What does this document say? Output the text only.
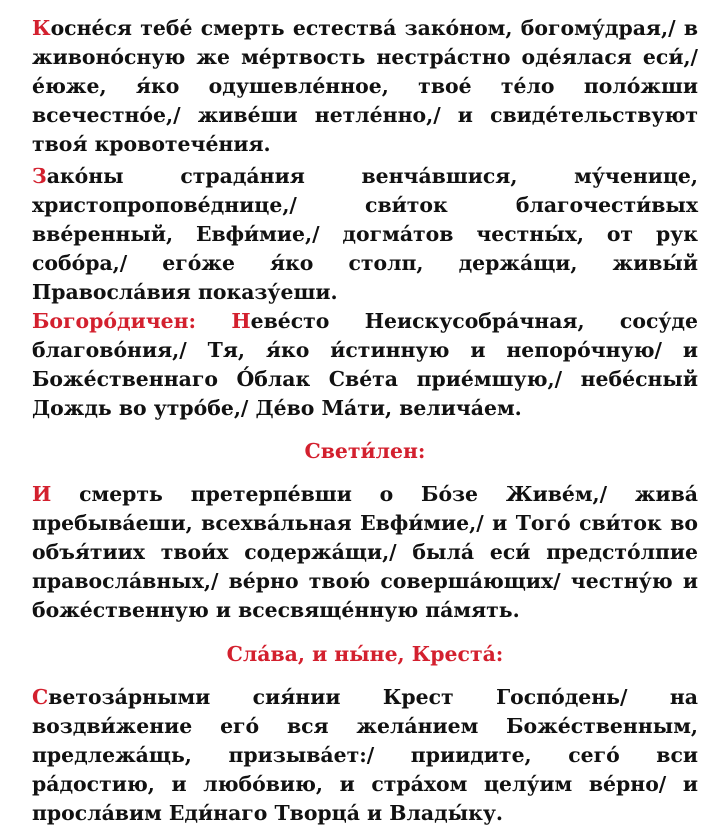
Косне́ся тебе́ смерть естества́ зако́ном, богому́драя,/ в живоно́сную же ме́ртвость нестра́стно оде́ялася еси́,/ е́юже, я́ко одушевле́нное, твое́ те́ло поло́жши всечестно́е,/ живе́ши нетле́нно,/ и свиде́тельствуют твоя́ кровотече́ния.

Зако́ны страда́ния венча́вшися, му́ченице, христопропове́днице,/ сви́ток благочести́вых вве́ренный, Евфи́мие,/ догма́тов честны́х, от рук собо́ра,/ его́же я́ко столп, держа́щи, живы́й Правосла́вия показу́еши.

Богоро́дичен: Неве́сто Неискусобра́чная, сосу́де благово́ния,/ Тя, я́ко и́стинную и непоро́чную/ и Боже́ственнаго О́блак Све́та прие́мшую,/ небе́сный Дождь во утро́бе,/ Де́во Ма́ти, велича́ем.

Свети́лен:

И смерть претерпе́вши о Бо́зе Живе́м,/ жива́ пребыва́еши, всехва́льная Евфи́мие,/ и Того́ сви́ток во объя́тиих твои́х содержа́щи,/ была́ еси́ предсто́лпие правосла́вных,/ ве́рно твою́ соверша́ющих/ честну́ю и боже́ственную и всесвяще́нную па́мять.

Сла́ва, и ны́не, Креста́:

Светоза́рными сия́нии Крест Госпо́день/ на воздви́жение его́ вся жела́нием Боже́ственным, предлежа́щь, призыва́ет:/ приидите, сего́ вси ра́достию, и любо́вию, и стра́хом целу́им ве́рно/ и просла́вим Еди́наго Творца́ и Влады́ку.
